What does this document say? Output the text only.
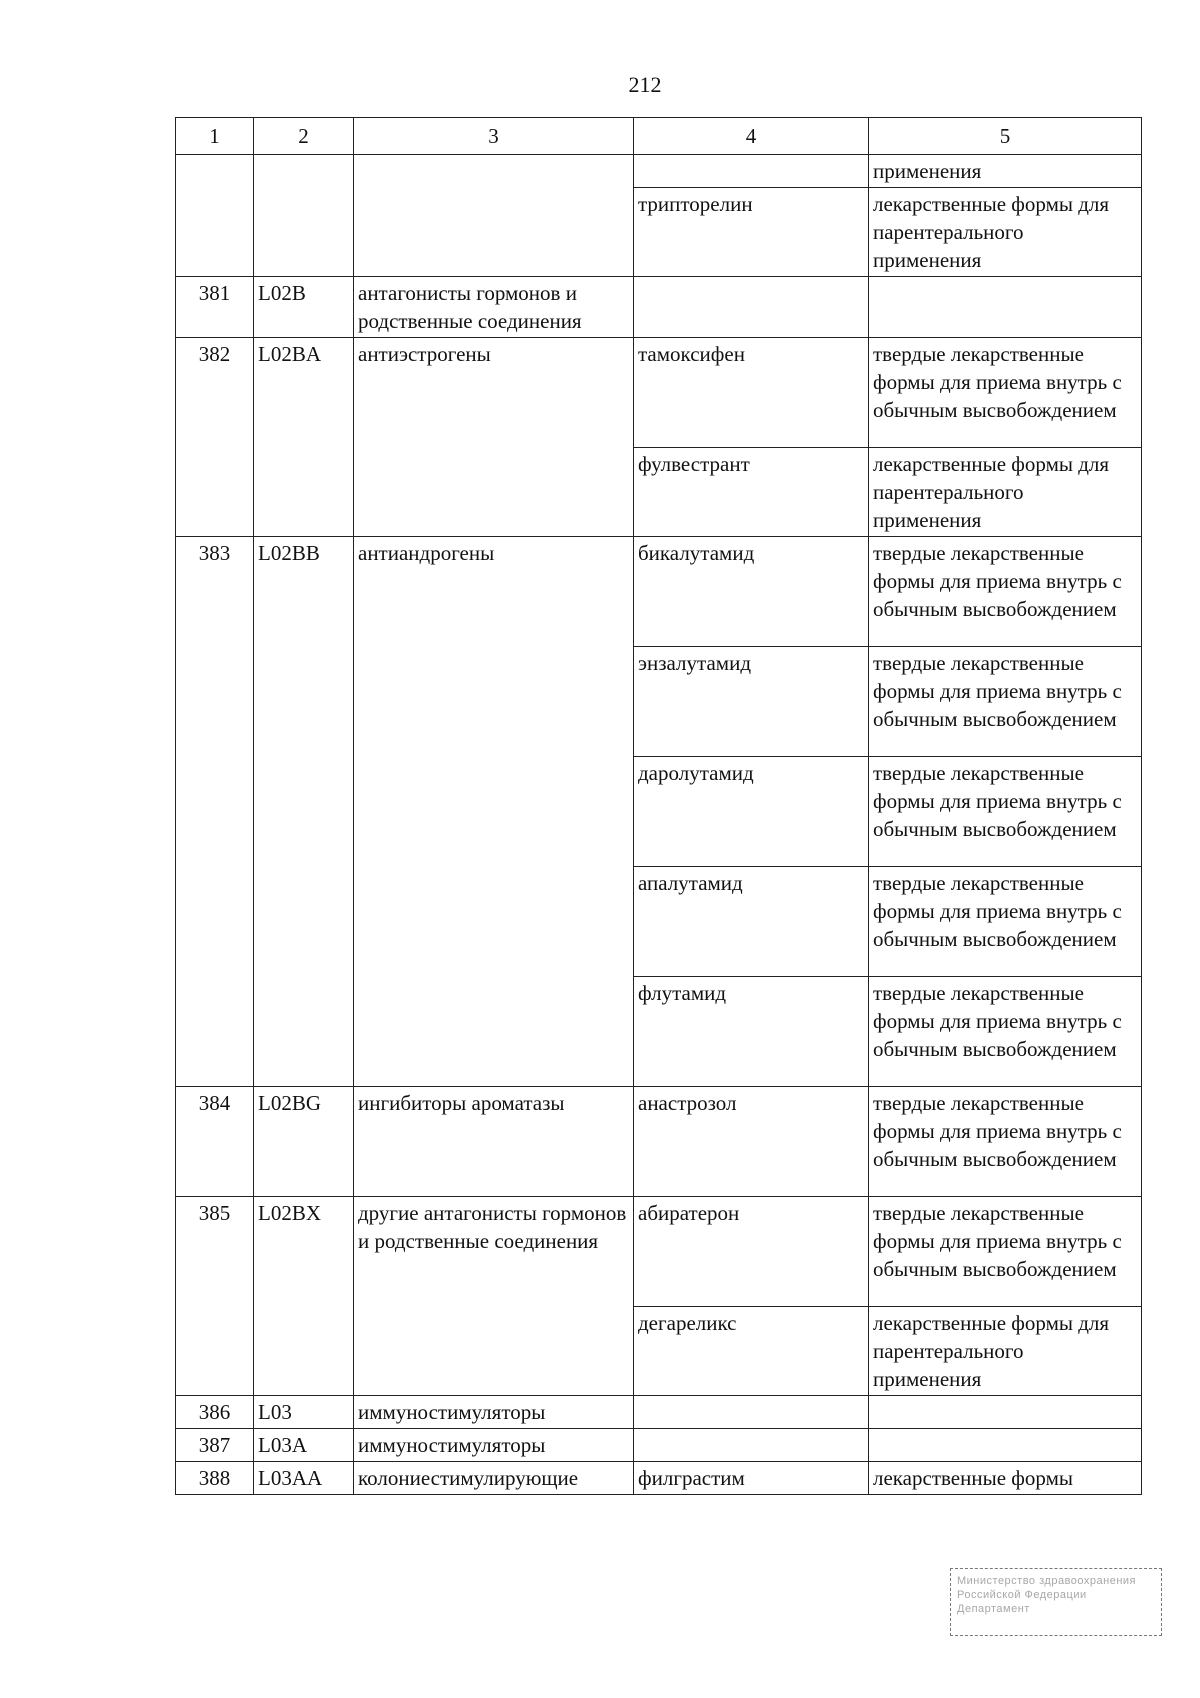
212
1	2	3	4	5
				применения
			трипторелин	лекарственные формы для парентерального применения
381	L02B	антагонисты гормонов и родственные соединения		
382	L02BA	антиэстрогены	тамоксифен	твердые лекарственные формы для приема внутрь с обычным высвобождением
			фулвестрант	лекарственные формы для парентерального применения
383	L02BB	антиандрогены	бикалутамид	твердые лекарственные формы для приема внутрь с обычным высвобождением
			энзалутамид	твердые лекарственные формы для приема внутрь с обычным высвобождением
			даролутамид	твердые лекарственные формы для приема внутрь с обычным высвобождением
			апалутамид	твердые лекарственные формы для приема внутрь с обычным высвобождением
			флутамид	твердые лекарственные формы для приема внутрь с обычным высвобождением
384	L02BG	ингибиторы ароматазы	анастрозол	твердые лекарственные формы для приема внутрь с обычным высвобождением
385	L02BX	другие антагонисты гормонов и родственные соединения	абиратерон	твердые лекарственные формы для приема внутрь с обычным высвобождением
			дегареликс	лекарственные формы для парентерального применения
386	L03	иммуностимуляторы		
387	L03A	иммуностимуляторы		
388	L03AA	колониестимулирующие	филграстим	лекарственные формы
Министерство здравоохранения
Российской Федерации
Департамент
